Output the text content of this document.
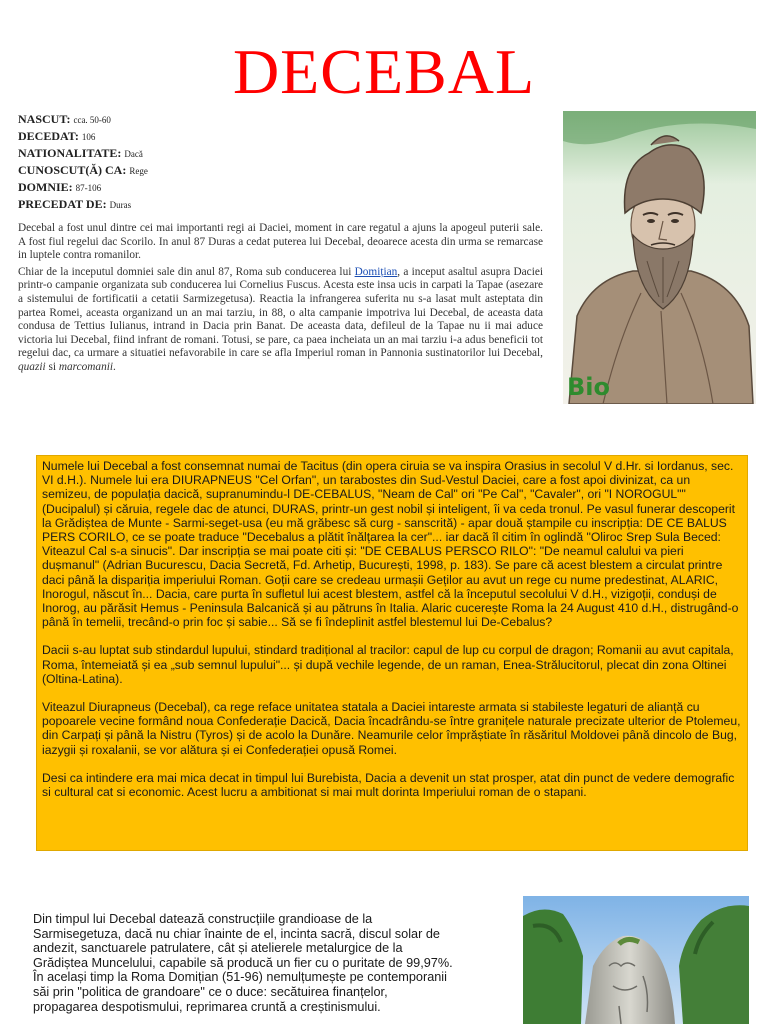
DECEBAL
NASCUT: cca. 50-60
DECEDAT: 106
NATIONALITATE: Dacă
CUNOSCUT(Ă) CA: Rege
DOMNIE: 87-106
PRECEDAT DE: Duras

Decebal a fost unul dintre cei mai importanti regi ai Daciei, moment in care regatul a ajuns la apogeul puterii sale. A fost fiul regelui dac Scorilo. In anul 87 Duras a cedat puterea lui Decebal, deoarece acesta din urma se remarcase in luptele contra romanilor.

Chiar de la inceputul domniei sale din anul 87, Roma sub conducerea lui Domițian, a inceput asaltul asupra Daciei printr-o campanie organizata sub conducerea lui Cornelius Fuscus. Acesta este insa ucis in carpati la Tapae (asezare a sistemului de fortificatii a cetatii Sarmizegetusa). Reactia la infrangerea suferita nu s-a lasat mult asteptata din partea Romei, aceasta organizand un an mai tarziu, in 88, o alta campanie impotriva lui Decebal, de aceasta data condusa de Tettius Iulianus, intrand in Dacia prin Banat. De aceasta data, defileul de la Tapae nu ii mai aduce victoria lui Decebal, fiind infrant de romani. Totusi, se pare, ca paea incheiata un an mai tarziu i-a adus beneficii tot regelui dac, ca urmare a situatiei nefavorabile in care se afla Imperiul roman in Pannonia sustinatorilor lui Decebal, quazii si marcomanii.

Bio

Numele lui Decebal a fost consemnat numai de Tacitus (din opera ciruia se va inspira Orasius in secolul V d.Hr. si Iordanus, sec. VI d.H.). Numele lui era DIURAPNEUS "Cel Orfan", un tarabostes din Sud-Vestul Daciei, care a fost apoi divinizat, ca un semizeu, de populația dacică, supranumindu-l DE-CEBALUS, "Neam de Cal" ori "Pe Cal", "Cavaler", ori "I NOROGUL"" (Ducipalul) și căruia, regele dac de atunci, DURAS, printr-un gest nobil și inteligent, îi va ceda tronul. Pe vasul funerar descoperit la Grădiștea de Munte - Sarmi-seget-usa (eu mă grăbesc să curg - sanscrită) - apar două ștampile cu inscripția: DE CE BALUS PERS CORILO, ce se poate traduce "Decebalus a plătit înălțarea la cer"... iar dacă îl citim în oglindă "Oliroc Srep Sula Beced: Viteazul Cal s-a sinucis". Dar inscripția se mai poate citi și: "DE CEBALUS PERSCO RILO": "De neamul calului va pieri dușmanul" (Adrian Bucurescu, Dacia Secretă, Fd. Arhetip, București, 1998, p. 183). Se pare că acest blestem a circulat printre daci până la dispariția imperiului Roman. Goții care se credeau urmașii Geților au avut un rege cu nume predestinat, ALARIC, Inorogul, născut în... Dacia, care purta în sufletul lui acest blestem, astfel că la începutul secolului V d.H., vizigoții, conduși de Inorog, au părăsit Hemus - Peninsula Balcanică și au pătruns în Italia. Alaric cucerește Roma la 24 August 410 d.H., distrugând-o până în temelii, trecând-o prin foc și sabie... Să se fi îndeplinit astfel blestemul lui De-Cebalus?

Dacii s-au luptat sub stindardul lupului, stindard tradițional al tracilor: capul de lup cu corpul de dragon; Romanii au avut capitala, Roma, întemeiată și ea „sub semnul lupului"... și după vechile legende, de un raman, Enea-Strălucitorul, plecat din zona Oltinei (Oltina-Latina).

Viteazul Diurapneus (Decebal), ca rege reface unitatea statala a Daciei intareste armata si stabileste legaturi de alianță cu popoarele vecine formând noua Confederație Dacică, Dacia încadrându-se între granițele naturale precizate ulterior de Ptolemeu, din Carpați și până la Nistru (Tyros) și de acolo la Dunăre. Neamurile celor împrăștiate în răsăritul Moldovei până dincolo de Bug, iazygii și roxalanii, se vor alătura și ei Confederației opusă Romei.

Desi ca intindere era mai mica decat in timpul lui Burebista, Dacia a devenit un stat prosper, atat din punct de vedere demografic si cultural cat si economic. Acest lucru a ambitionat si mai mult dorinta Imperiului roman de o stapani.

Din timpul lui Decebal datează construcțiile grandioase de la Sarmisegetuza, dacă nu chiar înainte de el, incinta sacră, discul solar de andezit, sanctuarele patrulatere, cât și atelierele metalurgice de la Grădiștea Muncelului, capabile să producă un fier cu o puritate de 99,97%. În același timp la Roma Domițian (51-96) nemulțumește pe contemporanii săi prin "politica de grandoare" ce o duce: secătuirea finanțelor, propagarea despotismului, reprimarea cruntă a creștinismului.
